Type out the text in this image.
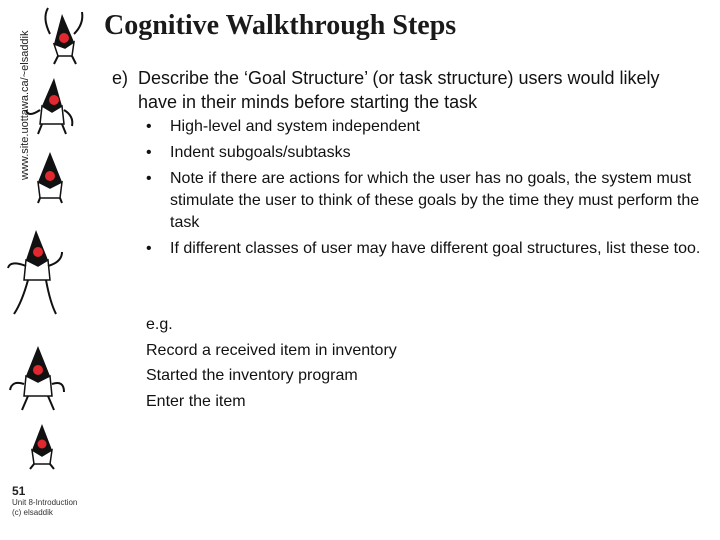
www.site.uottawa.ca/~elsaddik
Cognitive Walkthrough Steps
e) Describe the ‘Goal Structure’ (or task structure) users would likely have in their minds before starting the task
• High-level and system independent
• Indent subgoals/subtasks
• Note if there are actions for which the user has no goals, the system must stimulate the user to think of these goals by the time they must perform the task
• If different classes of user may have different goal structures, list these too.
e.g.
Record a received item in inventory
Started the inventory program
Enter the item
51
Unit 8-Introduction
(c) elsaddik
